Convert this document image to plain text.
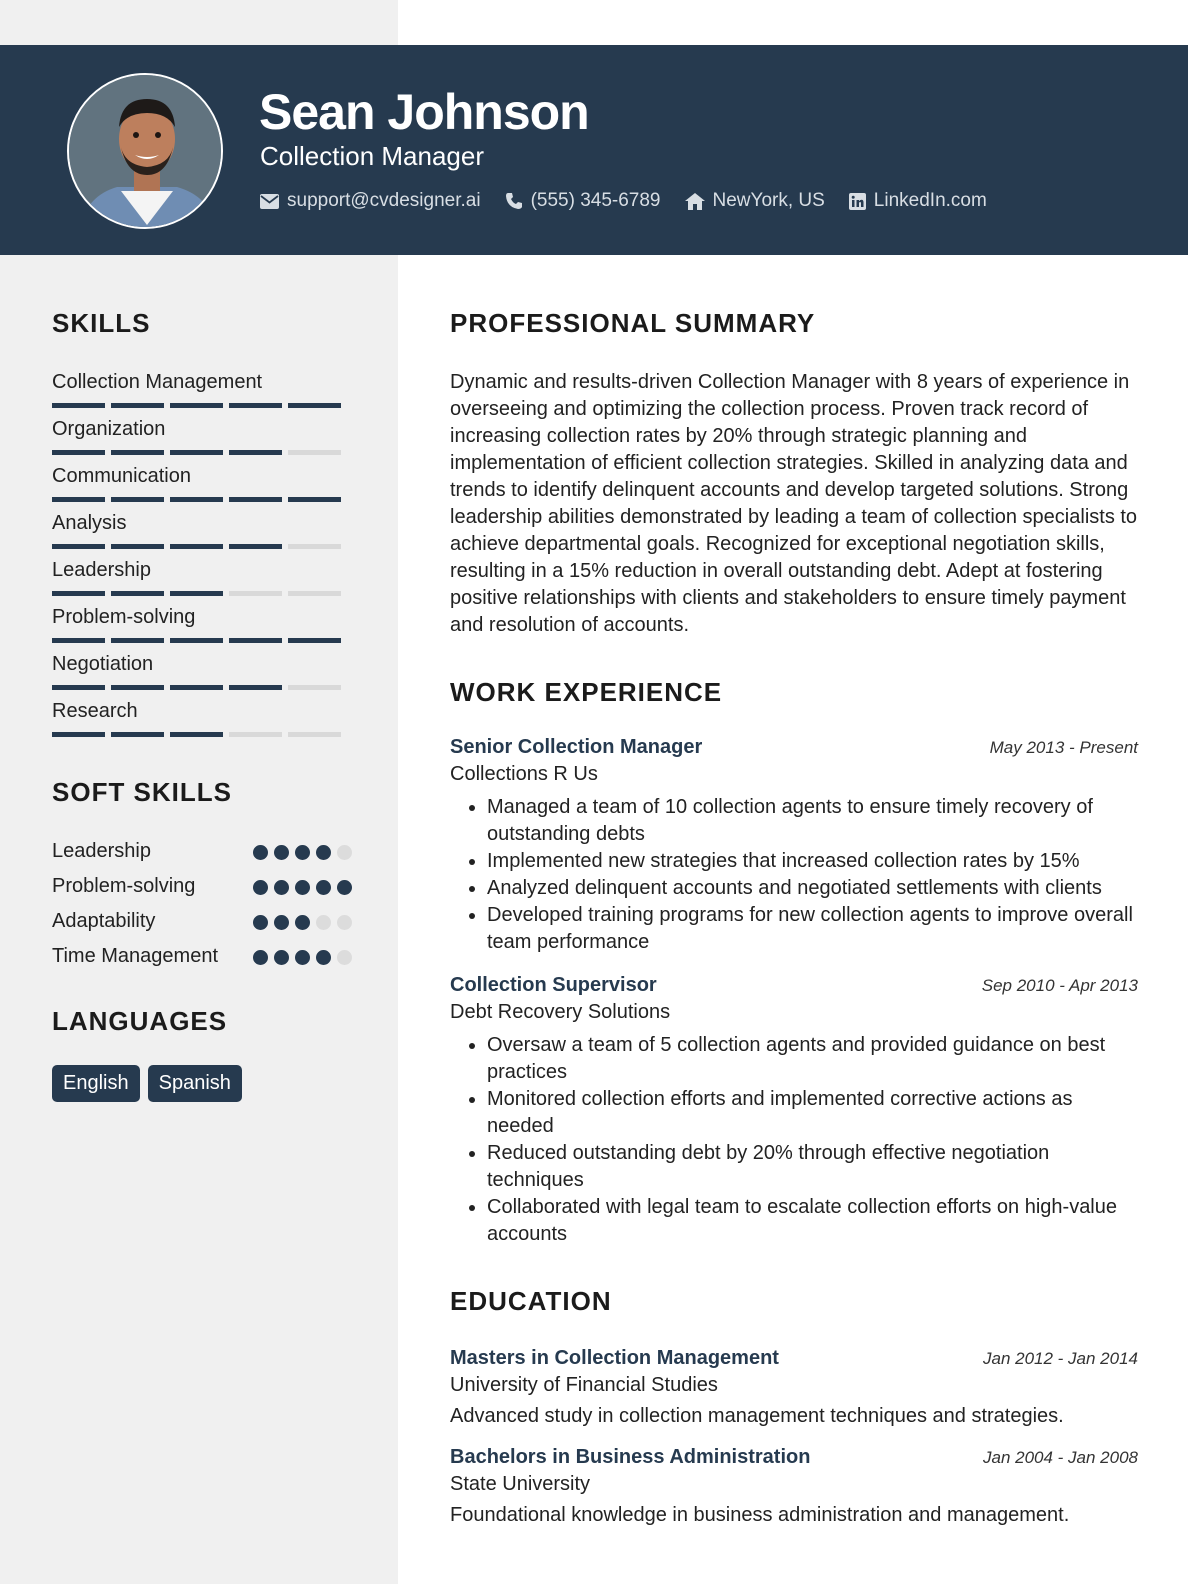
Sean Johnson
Collection Manager
support@cvdesigner.ai	(555) 345-6789	NewYork, US	LinkedIn.com
SKILLS
Collection Management
Organization
Communication
Analysis
Leadership
Problem-solving
Negotiation
Research
SOFT SKILLS
Leadership
Problem-solving
Adaptability
Time Management
LANGUAGES
English	Spanish
PROFESSIONAL SUMMARY

Dynamic and results-driven Collection Manager with 8 years of experience in overseeing and optimizing the collection process. Proven track record of increasing collection rates by 20% through strategic planning and implementation of efficient collection strategies. Skilled in analyzing data and trends to identify delinquent accounts and develop targeted solutions. Strong leadership abilities demonstrated by leading a team of collection specialists to achieve departmental goals. Recognized for exceptional negotiation skills, resulting in a 15% reduction in overall outstanding debt. Adept at fostering positive relationships with clients and stakeholders to ensure timely payment and resolution of accounts.

WORK EXPERIENCE
Senior Collection Manager	May 2013 - Present
Collections R Us
• Managed a team of 10 collection agents to ensure timely recovery of outstanding debts
• Implemented new strategies that increased collection rates by 15%
• Analyzed delinquent accounts and negotiated settlements with clients
• Developed training programs for new collection agents to improve overall team performance
Collection Supervisor	Sep 2010 - Apr 2013
Debt Recovery Solutions
• Oversaw a team of 5 collection agents and provided guidance on best practices
• Monitored collection efforts and implemented corrective actions as needed
• Reduced outstanding debt by 20% through effective negotiation techniques
• Collaborated with legal team to escalate collection efforts on high-value accounts
EDUCATION
Masters in Collection Management	Jan 2012 - Jan 2014
University of Financial Studies
Advanced study in collection management techniques and strategies.
Bachelors in Business Administration	Jan 2004 - Jan 2008
State University
Foundational knowledge in business administration and management.
